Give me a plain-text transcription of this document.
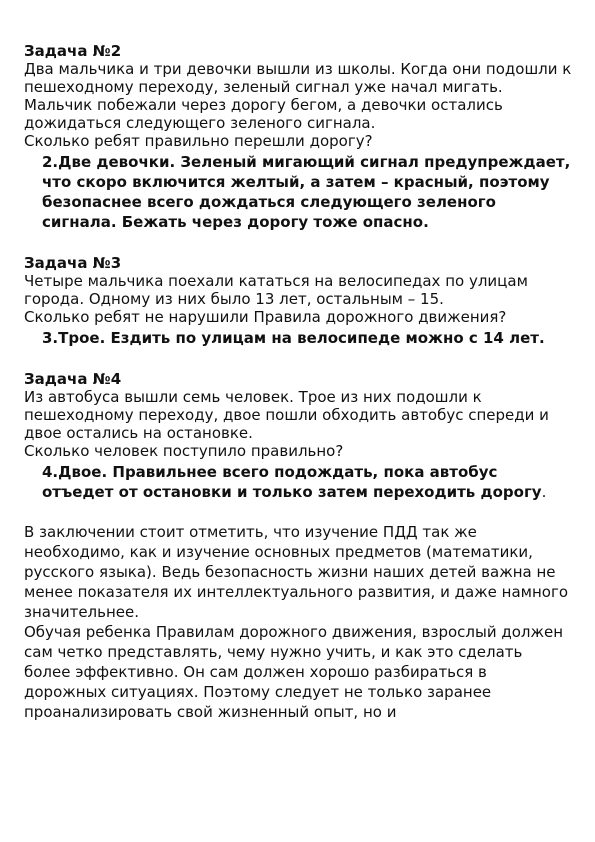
Задача №2
Два мальчика и три девочки вышли из школы. Когда они подошли к пешеходному переходу, зеленый сигнал уже начал мигать. Мальчик побежали через дорогу бегом, а девочки остались дожидаться следующего зеленого сигнала.
Сколько ребят правильно перешли дорогу?
2.Две девочки. Зеленый мигающий сигнал предупреждает, что скоро включится желтый, а затем – красный, поэтому безопаснее всего дождаться следующего зеленого сигнала. Бежать через дорогу тоже опасно.
Задача №3
Четыре мальчика поехали кататься на велосипедах по улицам города. Одному из них было 13 лет, остальным – 15.
Сколько ребят не нарушили Правила дорожного движения?
3.Трое. Ездить по улицам на велосипеде можно с 14 лет.
Задача №4
Из автобуса вышли семь человек. Трое из них подошли к пешеходному переходу, двое пошли обходить автобус спереди и двое остались на остановке.
Сколько человек поступило правильно?
4.Двое. Правильнее всего подождать, пока автобус отъедет от остановки и только затем переходить дорогу.
В заключении стоит отметить, что изучение ПДД так же необходимо, как и изучение основных предметов (математики, русского языка). Ведь безопасность жизни наших детей важна не менее показателя их интеллектуального развития, и даже намного значительнее.
Обучая ребенка Правилам дорожного движения, взрослый должен сам четко представлять, чему нужно учить, и как это сделать более эффективно. Он сам должен хорошо разбираться в дорожных ситуациях. Поэтому следует не только заранее проанализировать свой жизненный опыт, но и
